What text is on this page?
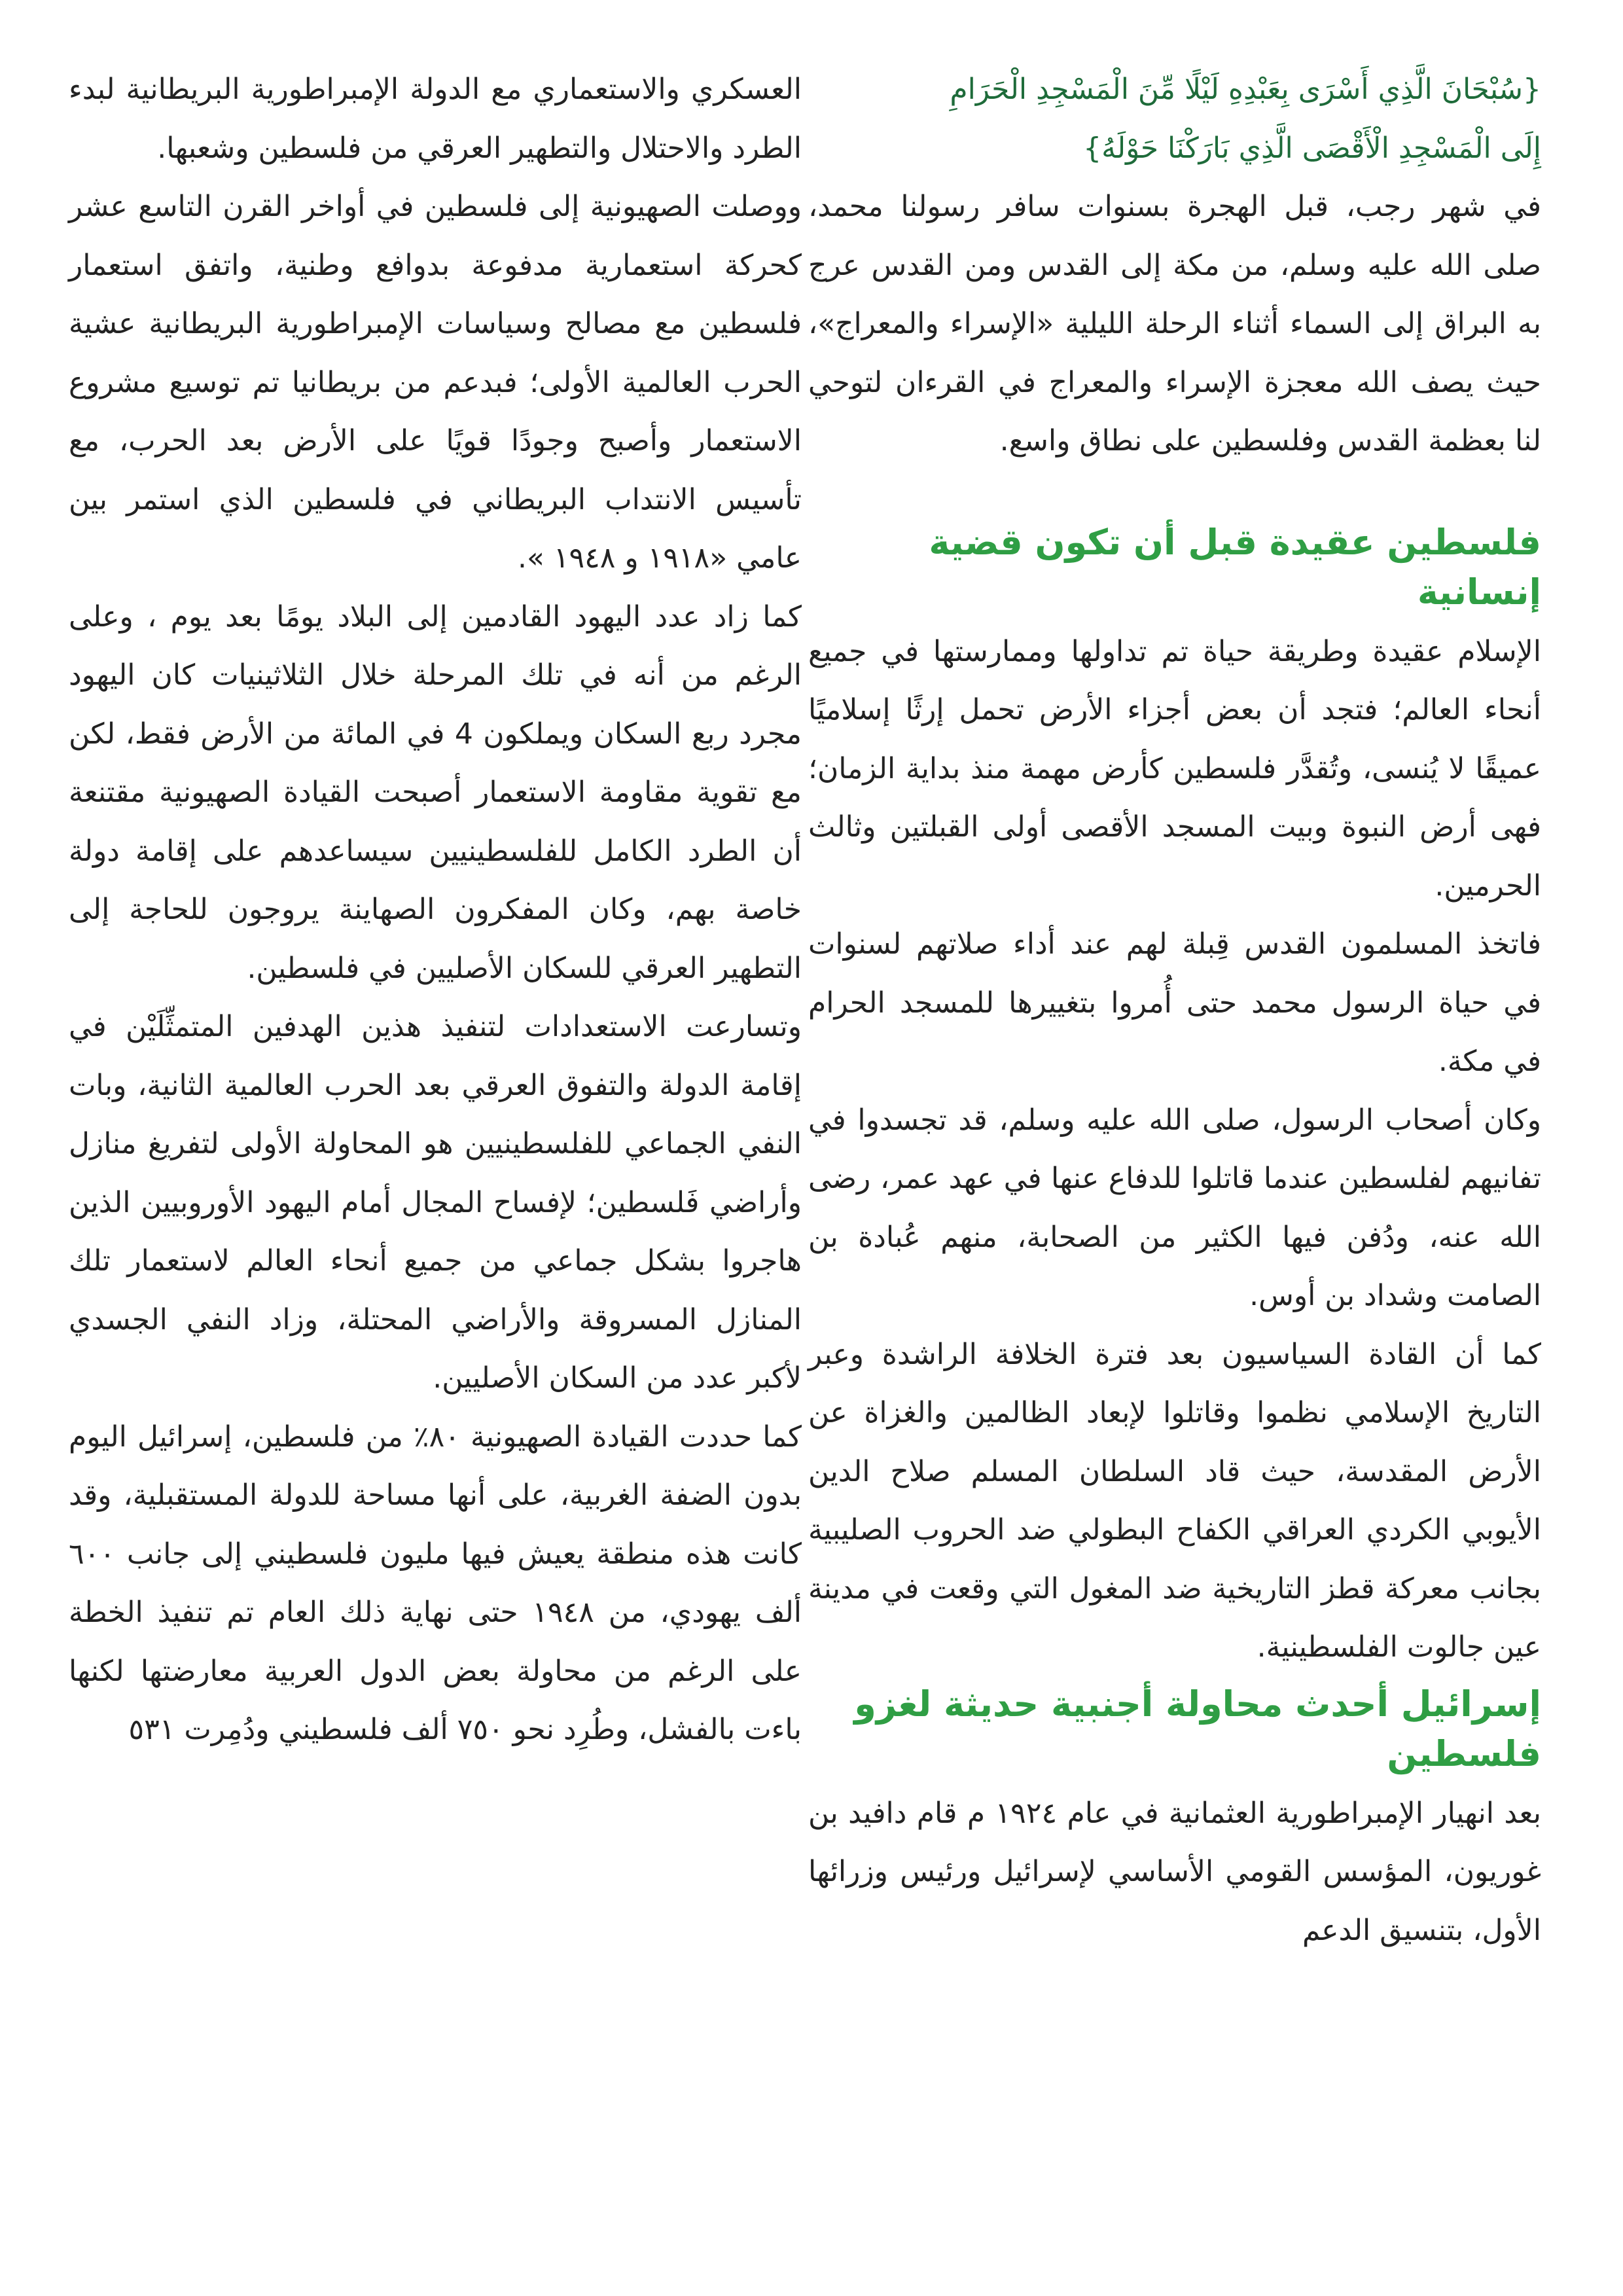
{سُبْحَانَ الَّذِي أَسْرَى بِعَبْدِهِ لَيْلًا مِّنَ الْمَسْجِدِ الْحَرَامِ

إِلَى الْمَسْجِدِ الْأَقْصَى الَّذِي بَارَكْنَا حَوْلَهُ}

في شهر رجب، قبل الهجرة بسنوات سافر رسولنا محمد، صلى الله عليه وسلم، من مكة إلى القدس ومن القدس عرج به البراق إلى السماء أثناء الرحلة الليلية «الإسراء والمعراج»، حيث يصف الله معجزة الإسراء والمعراج في القرءان لتوحي لنا بعظمة القدس وفلسطين على نطاق واسع.

فلسطين عقيدة قبل أن تكون قضية إنسانية

الإسلام عقيدة وطريقة حياة تم تداولها وممارستها في جميع أنحاء العالم؛ فتجد أن بعض أجزاء الأرض تحمل إرثًا إسلاميًا عميقًا لا يُنسى، وتُقدَّر فلسطين كأرض مهمة منذ بداية الزمان؛ فهى أرض النبوة وبيت المسجد الأقصى أولى القبلتين وثالث الحرمين.

فاتخذ المسلمون القدس قِبلة لهم عند أداء صلاتهم لسنوات في حياة الرسول محمد حتى أُمروا بتغييرها للمسجد الحرام في مكة.

وكان أصحاب الرسول، صلى الله عليه وسلم، قد تجسدوا في تفانيهم لفلسطين عندما قاتلوا للدفاع عنها في عهد عمر، رضى الله عنه، ودُفن فيها الكثير من الصحابة، منهم عُبادة بن الصامت وشداد بن أوس.

كما أن القادة السياسيون بعد فترة الخلافة الراشدة وعبر التاريخ الإسلامي نظموا وقاتلوا لإبعاد الظالمين والغزاة عن الأرض المقدسة، حيث قاد السلطان المسلم صلاح الدين الأيوبي الكردي العراقي الكفاح البطولي ضد الحروب الصليبية بجانب معركة قطز التاريخية ضد المغول التي وقعت في مدينة عين جالوت الفلسطينية.

إسرائيل أحدث محاولة أجنبية حديثة لغزو فلسطين

بعد انهيار الإمبراطورية العثمانية في عام ١٩٢٤ م قام دافيد بن غوريون، المؤسس القومي الأساسي لإسرائيل ورئيس وزرائها الأول، بتنسيق الدعم

العسكري والاستعماري مع الدولة الإمبراطورية البريطانية لبدء الطرد والاحتلال والتطهير العرقي من فلسطين وشعبها.

ووصلت الصهيونية إلى فلسطين في أواخر القرن التاسع عشر كحركة استعمارية مدفوعة بدوافع وطنية، واتفق استعمار فلسطين مع مصالح وسياسات الإمبراطورية البريطانية عشية الحرب العالمية الأولى؛ فبدعم من بريطانيا تم توسيع مشروع الاستعمار وأصبح وجودًا قويًا على الأرض بعد الحرب، مع تأسيس الانتداب البريطاني في فلسطين الذي استمر بين عامي «١٩١٨ و ١٩٤٨ ».

كما زاد عدد اليهود القادمين إلى البلاد يومًا بعد يوم ، وعلى الرغم من أنه في تلك المرحلة خلال الثلاثينيات كان اليهود مجرد ربع السكان ويملكون 4 في المائة من الأرض فقط، لكن مع تقوية مقاومة الاستعمار أصبحت القيادة الصهيونية مقتنعة أن الطرد الكامل للفلسطينيين سيساعدهم على إقامة دولة خاصة بهم، وكان المفكرون الصهاينة يروجون للحاجة إلى التطهير العرقي للسكان الأصليين في فلسطين.

وتسارعت الاستعدادات لتنفيذ هذين الهدفين المتمثِّلَيْن في إقامة الدولة والتفوق العرقي بعد الحرب العالمية الثانية، وبات النفي الجماعي للفلسطينيين هو المحاولة الأولى لتفريغ منازل وأراضي فَلسطين؛ لإفساح المجال أمام اليهود الأوروبيين الذين هاجروا بشكل جماعي من جميع أنحاء العالم لاستعمار تلك المنازل المسروقة والأراضي المحتلة، وزاد النفي الجسدي لأكبر عدد من السكان الأصليين.

كما حددت القيادة الصهيونية ٨٠٪ من فلسطين، إسرائيل اليوم بدون الضفة الغربية، على أنها مساحة للدولة المستقبلية، وقد كانت هذه منطقة يعيش فيها مليون فلسطيني إلى جانب ٦٠٠ ألف يهودي، من ١٩٤٨ حتى نهاية ذلك العام تم تنفيذ الخطة على الرغم من محاولة بعض الدول العربية معارضتها لكنها باءت بالفشل، وطُرِد نحو ٧٥٠ ألف فلسطيني ودُمِرت ٥٣١
